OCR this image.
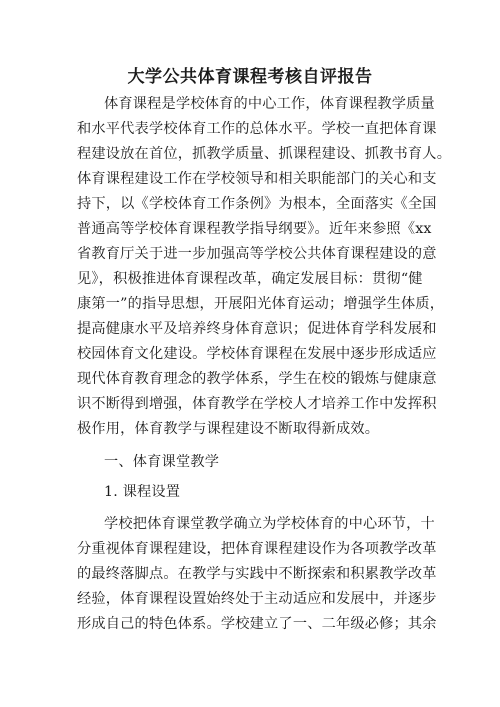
大学公共体育课程考核自评报告
体育课程是学校体育的中心工作，体育课程教学质量
和水平代表学校体育工作的总体水平。学校一直把体育课
程建设放在首位，抓教学质量、抓课程建设、抓教书育人。
体育课程建设工作在学校领导和相关职能部门的关心和支
持下，以《学校体育工作条例》为根本，全面落实《全国
普通高等学校体育课程教学指导纲要》。近年来参照《xx
省教育厅关于进一步加强高等学校公共体育课程建设的意
见》，积极推进体育课程改革，确定发展目标：贯彻“健
康第一”的指导思想，开展阳光体育运动；增强学生体质，
提高健康水平及培养终身体育意识；促进体育学科发展和
校园体育文化建设。学校体育课程在发展中逐步形成适应
现代体育教育理念的教学体系，学生在校的锻炼与健康意
识不断得到增强，体育教学在学校人才培养工作中发挥积
极作用，体育教学与课程建设不断取得新成效。
一、体育课堂教学
1. 课程设置
学校把体育课堂教学确立为学校体育的中心环节，十
分重视体育课程建设，把体育课程建设作为各项教学改革
的最终落脚点。在教学与实践中不断探索和积累教学改革
经验，体育课程设置始终处于主动适应和发展中，并逐步
形成自己的特色体系。学校建立了一、二年级必修；其余
